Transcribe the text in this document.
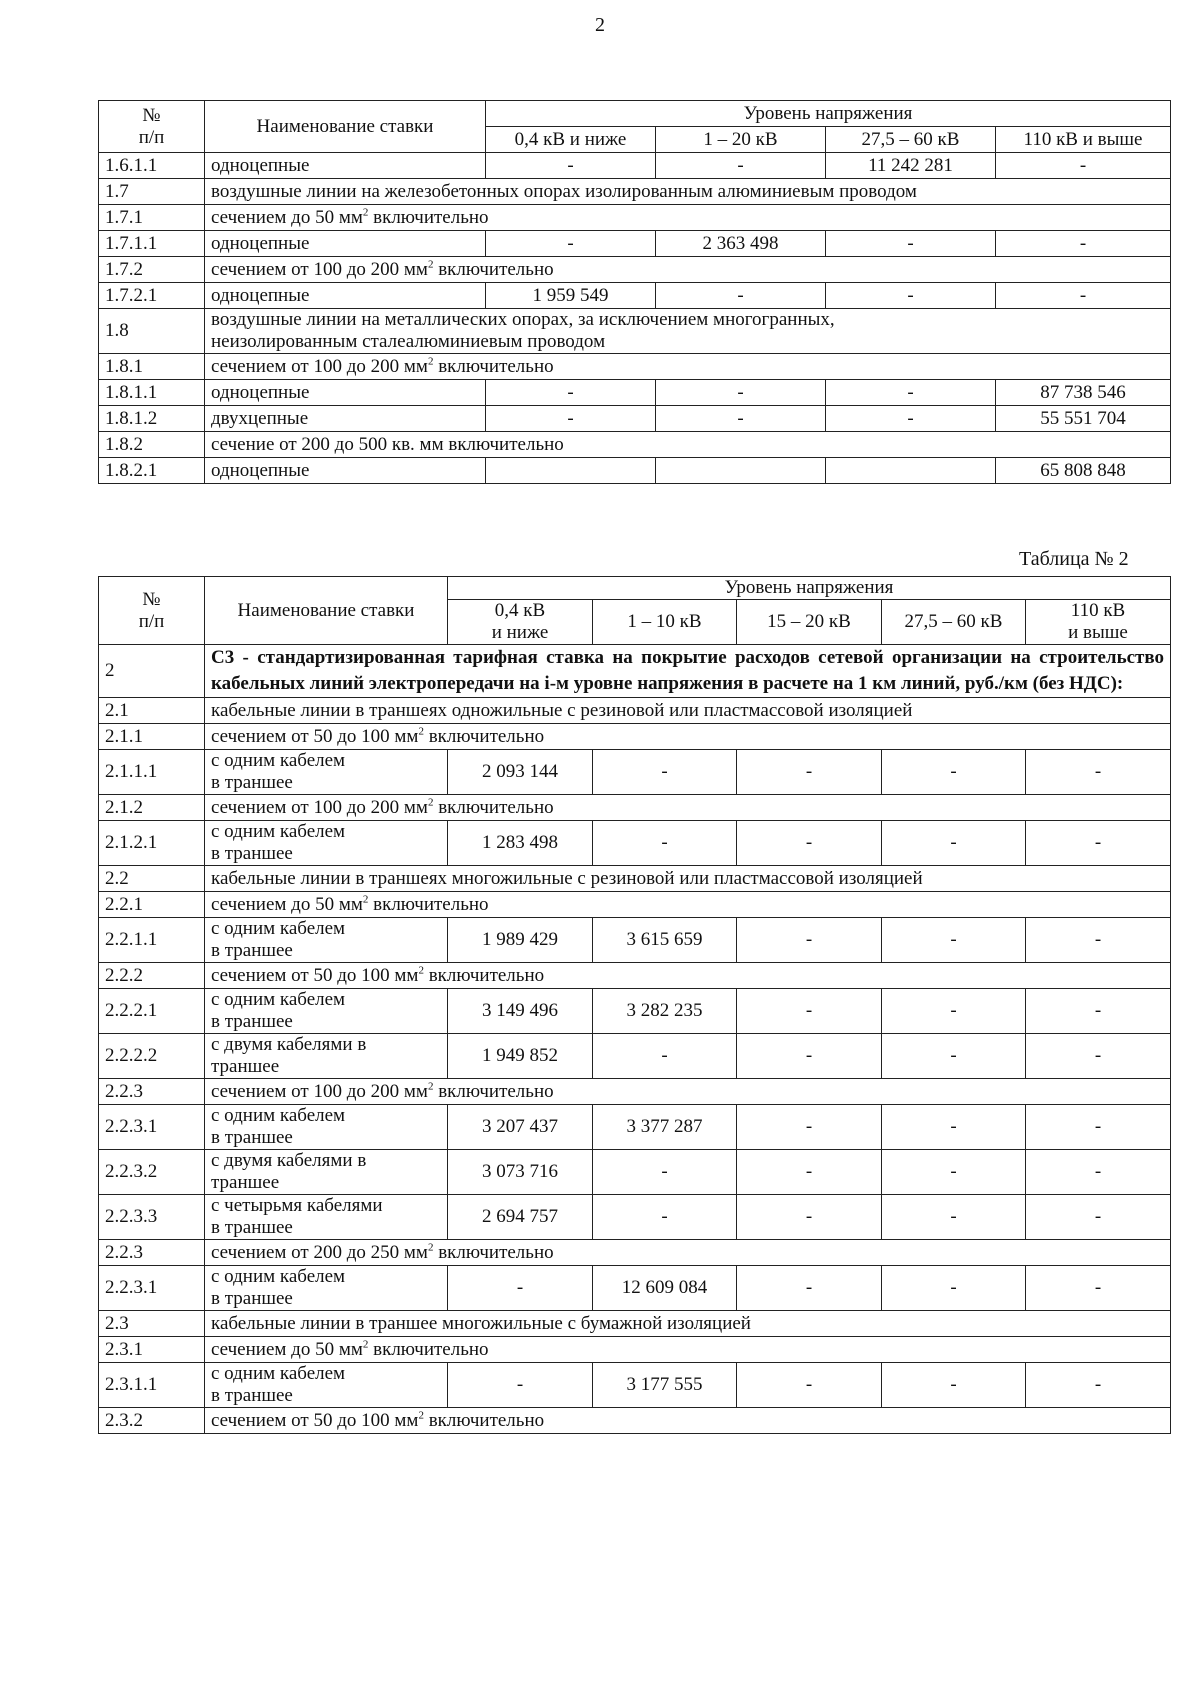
2
№
п/п	Наименование ставки	Уровень напряжения			
		0,4 кВ и ниже	1 – 20 кВ	27,5 – 60 кВ	110 кВ и выше
1.6.1.1	одноцепные	-	-	11 242 281	-
1.7	воздушные линии на железобетонных опорах изолированным алюминиевым проводом				
1.7.1	сечением до 50 $мм^2$ включительно				
1.7.1.1	одноцепные	-	2 363 498	-	-
1.7.2	сечением от 100 до 200 $мм^2$ включительно				
1.7.2.1	одноцепные	1 959 549	-	-	-
1.8	воздушные линии на металлических опорах, за исключением многогранных,
неизолированным сталеалюминиевым проводом				
1.8.1	сечением от 100 до 200 $мм^2$ включительно				
1.8.1.1	одноцепные	-	-	-	87 738 546
1.8.1.2	двухцепные	-	-	-	55 551 704
1.8.2	сечение от 200 до 500 кв. мм включительно				
1.8.2.1	одноцепные				65 808 848
Таблица № 2
№
п/п	Наименование ставки	Уровень напряжения				
		0,4 кВ
и ниже	1 – 10 кВ	15 – 20 кВ	27,5 – 60 кВ	110 кВ
и выше
2	С3 - стандартизированная тарифная ставка на покрытие расходов сетевой организации на строительство кабельных линий электропередачи на i-м уровне напряжения в расчете на 1 км линий, руб./км (без НДС):					
2.1	кабельные линии в траншеях одножильные с резиновой или пластмассовой изоляцией					
2.1.1	сечением от 50 до 100 $мм^2$ включительно					
2.1.1.1	с одним кабелем
в траншее	2 093 144	-	-	-	-
2.1.2	сечением от 100 до 200 $мм^2$ включительно					
2.1.2.1	с одним кабелем
в траншее	1 283 498	-	-	-	-
2.2	кабельные линии в траншеях многожильные с резиновой или пластмассовой изоляцией					
2.2.1	сечением до 50 $мм^2$ включительно					
2.2.1.1	с одним кабелем
в траншее	1 989 429	3 615 659	-	-	-
2.2.2	сечением от 50 до 100 $мм^2$ включительно					
2.2.2.1	с одним кабелем
в траншее	3 149 496	3 282 235	-	-	-
2.2.2.2	с двумя кабелями в
траншее	1 949 852	-	-	-	-
2.2.3	сечением от 100 до 200 $мм^2$ включительно					
2.2.3.1	с одним кабелем
в траншее	3 207 437	3 377 287	-	-	-
2.2.3.2	с двумя кабелями в
траншее	3 073 716	-	-	-	-
2.2.3.3	с четырьмя кабелями
в траншее	2 694 757	-	-	-	-
2.2.3	сечением от 200 до 250 $мм^2$ включительно					
2.2.3.1	с одним кабелем
в траншее	-	12 609 084	-	-	-
2.3	кабельные линии в траншее многожильные с бумажной изоляцией					
2.3.1	сечением до 50 $мм^2$ включительно					
2.3.1.1	с одним кабелем
в траншее	-	3 177 555	-	-	-
2.3.2	сечением от 50 до 100 $мм^2$ включительно					
